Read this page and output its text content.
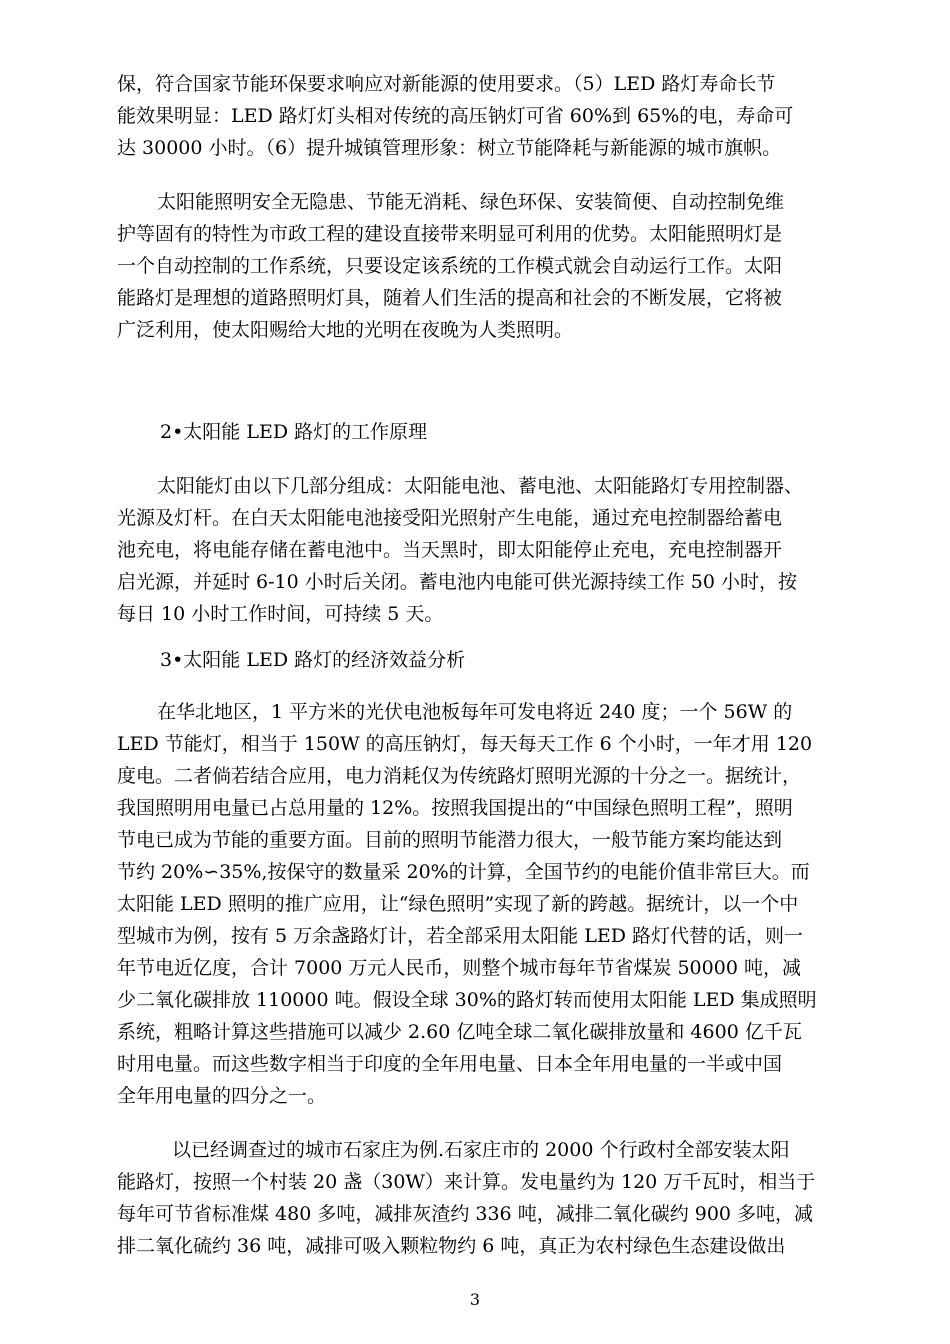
保，符合国家节能环保要求响应对新能源的使用要求。（5）LED 路灯寿命长节
能效果明显：LED 路灯灯头相对传统的高压钠灯可省 60%到 65%的电，寿命可
达 30000 小时。（6）提升城镇管理形象：树立节能降耗与新能源的城市旗帜。
太阳能照明安全无隐患、节能无消耗、绿色环保、安装简便、自动控制免维
护等固有的特性为市政工程的建设直接带来明显可利用的优势。太阳能照明灯是
一个自动控制的工作系统，只要设定该系统的工作模式就会自动运行工作。太阳
能路灯是理想的道路照明灯具，随着人们生活的提高和社会的不断发展，它将被
广泛利用，使太阳赐给大地的光明在夜晚为人类照明。
2•太阳能 LED 路灯的工作原理
太阳能灯由以下几部分组成：太阳能电池、蓄电池、太阳能路灯专用控制器、
光源及灯杆。在白天太阳能电池接受阳光照射产生电能，通过充电控制器给蓄电
池充电，将电能存储在蓄电池中。当天黑时，即太阳能停止充电，充电控制器开
启光源，并延时 6-10 小时后关闭。蓄电池内电能可供光源持续工作 50 小时，按
每日 10 小时工作时间，可持续 5 天。
3•太阳能 LED 路灯的经济效益分析
在华北地区，1 平方米的光伏电池板每年可发电将近 240 度；一个 56W 的
LED 节能灯，相当于 150W 的高压钠灯，每天每天工作 6 个小时，一年才用 120
度电。二者倘若结合应用，电力消耗仅为传统路灯照明光源的十分之一。据统计，
我国照明用电量已占总用量的 12%。按照我国提出的“中国绿色照明工程”，照明
节电已成为节能的重要方面。目前的照明节能潜力很大，一般节能方案均能达到
节约 20%∽35%,按保守的数量采 20%的计算，全国节约的电能价值非常巨大。而
太阳能 LED 照明的推广应用，让“绿色照明”实现了新的跨越。据统计，以一个中
型城市为例，按有 5 万余盏路灯计，若全部采用太阳能 LED 路灯代替的话，则一
年节电近亿度，合计 7000 万元人民币，则整个城市每年节省煤炭 50000 吨，减
少二氧化碳排放 110000 吨。假设全球 30%的路灯转而使用太阳能 LED 集成照明
系统，粗略计算这些措施可以减少 2.60 亿吨全球二氧化碳排放量和 4600 亿千瓦
时用电量。而这些数字相当于印度的全年用电量、日本全年用电量的一半或中国
全年用电量的四分之一。
以已经调查过的城市石家庄为例.石家庄市的 2000 个行政村全部安装太阳
能路灯，按照一个村装 20 盏（30W）来计算。发电量约为 120 万千瓦时，相当于
每年可节省标准煤 480 多吨，减排灰渣约 336 吨，减排二氧化碳约 900 多吨，减
排二氧化硫约 36 吨，减排可吸入颗粒物约 6 吨，真正为农村绿色生态建设做出
3
